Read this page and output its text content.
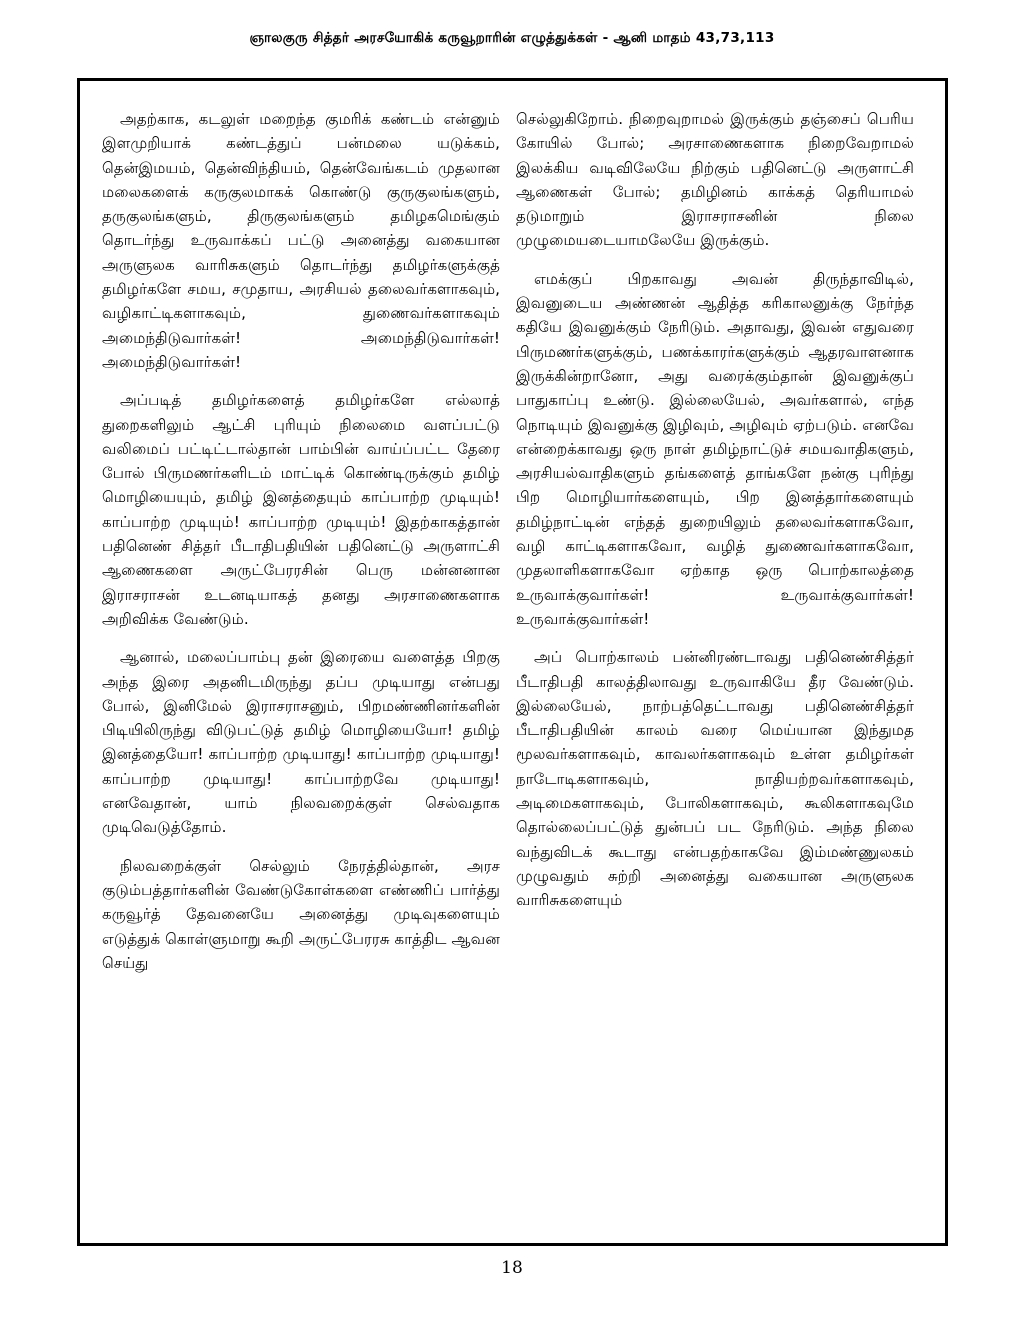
ஞாலகுரு சித்தர் அரசயோகிக் கருவூறாரின் எழுத்துக்கள் - ஆனி மாதம் 43,73,113

அதற்காக, கடலுள் மறைந்த குமரிக் கண்டம் என்னும் இளமுறியாக் கண்டத்துப் பன்மலை யடுக்கம், தென்இமயம், தென்விந்தியம், தென்வேங்கடம் முதலான மலைகளைக் கருகுலமாகக் கொண்டு குருகுலங்களும், தருகுலங்களும், திருகுலங்களும் தமிழகமெங்கும் தொடர்ந்து உருவாக்கப் பட்டு அனைத்து வகையான அருளுலக வாரிசுகளும் தொடர்ந்து தமிழர்களுக்குத் தமிழர்களே சமய, சமுதாய, அரசியல் தலைவர்களாகவும், வழிகாட்டிகளாகவும், துணைவர்களாகவும் அமைந்திடுவார்கள்! அமைந்திடுவார்கள்! அமைந்திடுவார்கள்!

அப்படித் தமிழர்களைத் தமிழர்களே எல்லாத் துறைகளிலும் ஆட்சி புரியும் நிலைமை வளப்பட்டு வலிமைப் பட்டிட்டால்தான் பாம்பின் வாய்ப்பட்ட தேரை போல் பிருமணர்களிடம் மாட்டிக் கொண்டிருக்கும் தமிழ் மொழியையும், தமிழ் இனத்தையும் காப்பாற்ற முடியும்! காப்பாற்ற முடியும்! காப்பாற்ற முடியும்! இதற்காகத்தான் பதினெண் சித்தர் பீடாதிபதியின் பதினெட்டு அருளாட்சி ஆணைகளை அருட்பேரரசின் பெரு மன்னனான இராசராசன் உடனடியாகத் தனது அரசாணைகளாக அறிவிக்க வேண்டும்.

ஆனால், மலைப்பாம்பு தன் இரையை வளைத்த பிறகு அந்த இரை அதனிடமிருந்து தப்ப முடியாது என்பது போல், இனிமேல் இராசராசனும், பிறமண்ணினர்களின் பிடியிலிருந்து விடுபட்டுத் தமிழ் மொழியையோ! தமிழ் இனத்தையோ! காப்பாற்ற முடியாது! காப்பாற்ற முடியாது! காப்பாற்ற முடியாது! காப்பாற்றவே முடியாது! எனவேதான், யாம் நிலவறைக்குள் செல்வதாக முடிவெடுத்தோம்.

நிலவறைக்குள் செல்லும் நேரத்தில்தான், அரச குடும்பத்தார்களின் வேண்டுகோள்களை எண்ணிப் பார்த்து கருவூர்த் தேவனையே அனைத்து முடிவுகளையும் எடுத்துக் கொள்ளுமாறு கூறி அருட்பேரரசு காத்திட ஆவன செய்து

செல்லுகிறோம். நிறைவுறாமல் இருக்கும் தஞ்சைப் பெரிய கோயில் போல்; அரசாணைகளாக நிறைவேறாமல் இலக்கிய வடிவிலேயே நிற்கும் பதினெட்டு அருளாட்சி ஆணைகள் போல்; தமிழினம் காக்கத் தெரியாமல் தடுமாறும் இராசராசனின் நிலை முழுமையடையாமலேயே இருக்கும்.

எமக்குப் பிறகாவது அவன் திருந்தாவிடில், இவனுடைய அண்ணன் ஆதித்த கரிகாலனுக்கு நேர்ந்த கதியே இவனுக்கும் நேரிடும். அதாவது, இவன் எதுவரை பிருமணர்களுக்கும், பணக்காரர்களுக்கும் ஆதரவாளனாக இருக்கின்றானோ, அது வரைக்கும்தான் இவனுக்குப் பாதுகாப்பு உண்டு. இல்லையேல், அவர்களால், எந்த நொடியும் இவனுக்கு இழிவும், அழிவும் ஏற்படும். எனவே என்றைக்காவது ஒரு நாள் தமிழ்நாட்டுச் சமயவாதிகளும், அரசியல்வாதிகளும் தங்களைத் தாங்களே நன்கு புரிந்து பிற மொழியார்களையும், பிற இனத்தார்களையும் தமிழ்நாட்டின் எந்தத் துறையிலும் தலைவர்களாகவோ, வழி காட்டிகளாகவோ, வழித் துணைவர்களாகவோ, முதலாளிகளாகவோ ஏற்காத ஒரு பொற்காலத்தை உருவாக்குவார்கள்! உருவாக்குவார்கள்! உருவாக்குவார்கள்!

அப் பொற்காலம் பன்னிரண்டாவது பதினெண்சித்தர் பீடாதிபதி காலத்திலாவது உருவாகியே தீர வேண்டும். இல்லையேல், நாற்பத்தெட்டாவது பதினெண்சித்தர் பீடாதிபதியின் காலம் வரை மெய்யான இந்துமத மூலவர்களாகவும், காவலர்களாகவும் உள்ள தமிழர்கள் நாடோடிகளாகவும், நாதியற்றவர்களாகவும், அடிமைகளாகவும், போலிகளாகவும், கூலிகளாகவுமே தொல்லைப்பட்டுத் துன்பப் பட நேரிடும். அந்த நிலை வந்துவிடக் கூடாது என்பதற்காகவே இம்மண்ணுலகம் முழுவதும் சுற்றி அனைத்து வகையான அருளுலக வாரிசுகளையும்

18
